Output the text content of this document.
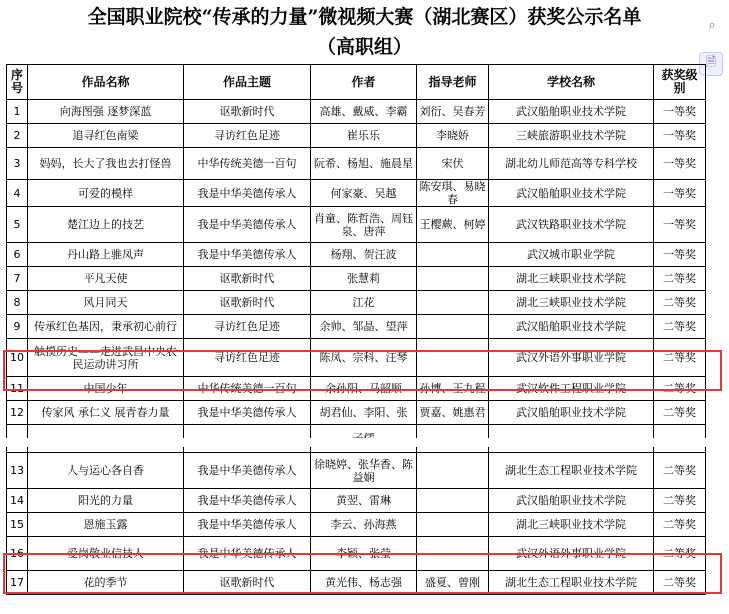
全国职业院校“传承的力量”微视频大赛（湖北赛区）获奖公示名单
（高职组）
⌕
🗎
序号	作品名称	作品主题	作者	指导老师	学校名称	获奖级别
1	向海图强 逐梦深蓝	讴歌新时代	高雄、戴威、李霸	刘衍、吴春芳	武汉船舶职业技术学院	一等奖
2	追寻红色南梁	寻访红色足迹	崔乐乐	李晓娇	三峡旅游职业技术学院	一等奖
3	妈妈，长大了我也去打怪兽	中华传统美德一百句	阮希、杨旭、施晨星	宋伏	湖北幼儿师范高等专科学校	一等奖
4	可爱的模样	我是中华美德传承人	何家豪、吴越	陈安琪、易晓春	武汉船舶职业技术学院	一等奖
5	楚江边上的技艺	我是中华美德传承人	肖童、陈哲浩、周钰泉、唐萍	王樱蕨、柯婷	武汉铁路职业技术学院	一等奖
6	丹山路上骓凤声	我是中华美德传承人	杨翔、贺汪波		武汉城市职业学院	一等奖
7	平凡天使	讴歌新时代	张慧莉		湖北三峡职业技术学院	二等奖
8	风月同天	讴歌新时代	江花		湖北三峡职业技术学院	二等奖
9	传承红色基因，秉承初心前行	寻访红色足迹	余帅、邹晶、望萍		武汉船舶职业技术学院	二等奖
10	触摸历史——走进武昌中央农民运动讲习所	寻访红色足迹	陈凤、宗科、汪琴		武汉外语外事职业学院	二等奖
11	中国少年	中华传统美德一百句	余孙阳、马韶顺	孙博、王九程	武汉软件工程职业学院	二等奖
12	传家风 承仁义 展青春力量	我是中华美德传承人	胡君仙、李阳、张	贾嘉、姚惠君	武汉船舶职业技术学院	二等奖

13	人与运心各自香	我是中华美德传承人	徐晓婷、张华香、陈益娴		湖北生态工程职业技术学院	二等奖
14	阳光的力量	我是中华美德传承人	黄翌、雷琳		武汉船舶职业技术学院	二等奖
15	恩施玉露	我是中华美德传承人	李云、孙海燕		湖北三峡职业技术学院	二等奖
16	爱岗敬业信技人	我是中华美德传承人	李颖、张莹		武汉外语外事职业学院	二等奖
17	花的季节	讴歌新时代	黄光伟、杨志强	盛夏、曾刚	湖北生态工程职业技术学院	二等奖
